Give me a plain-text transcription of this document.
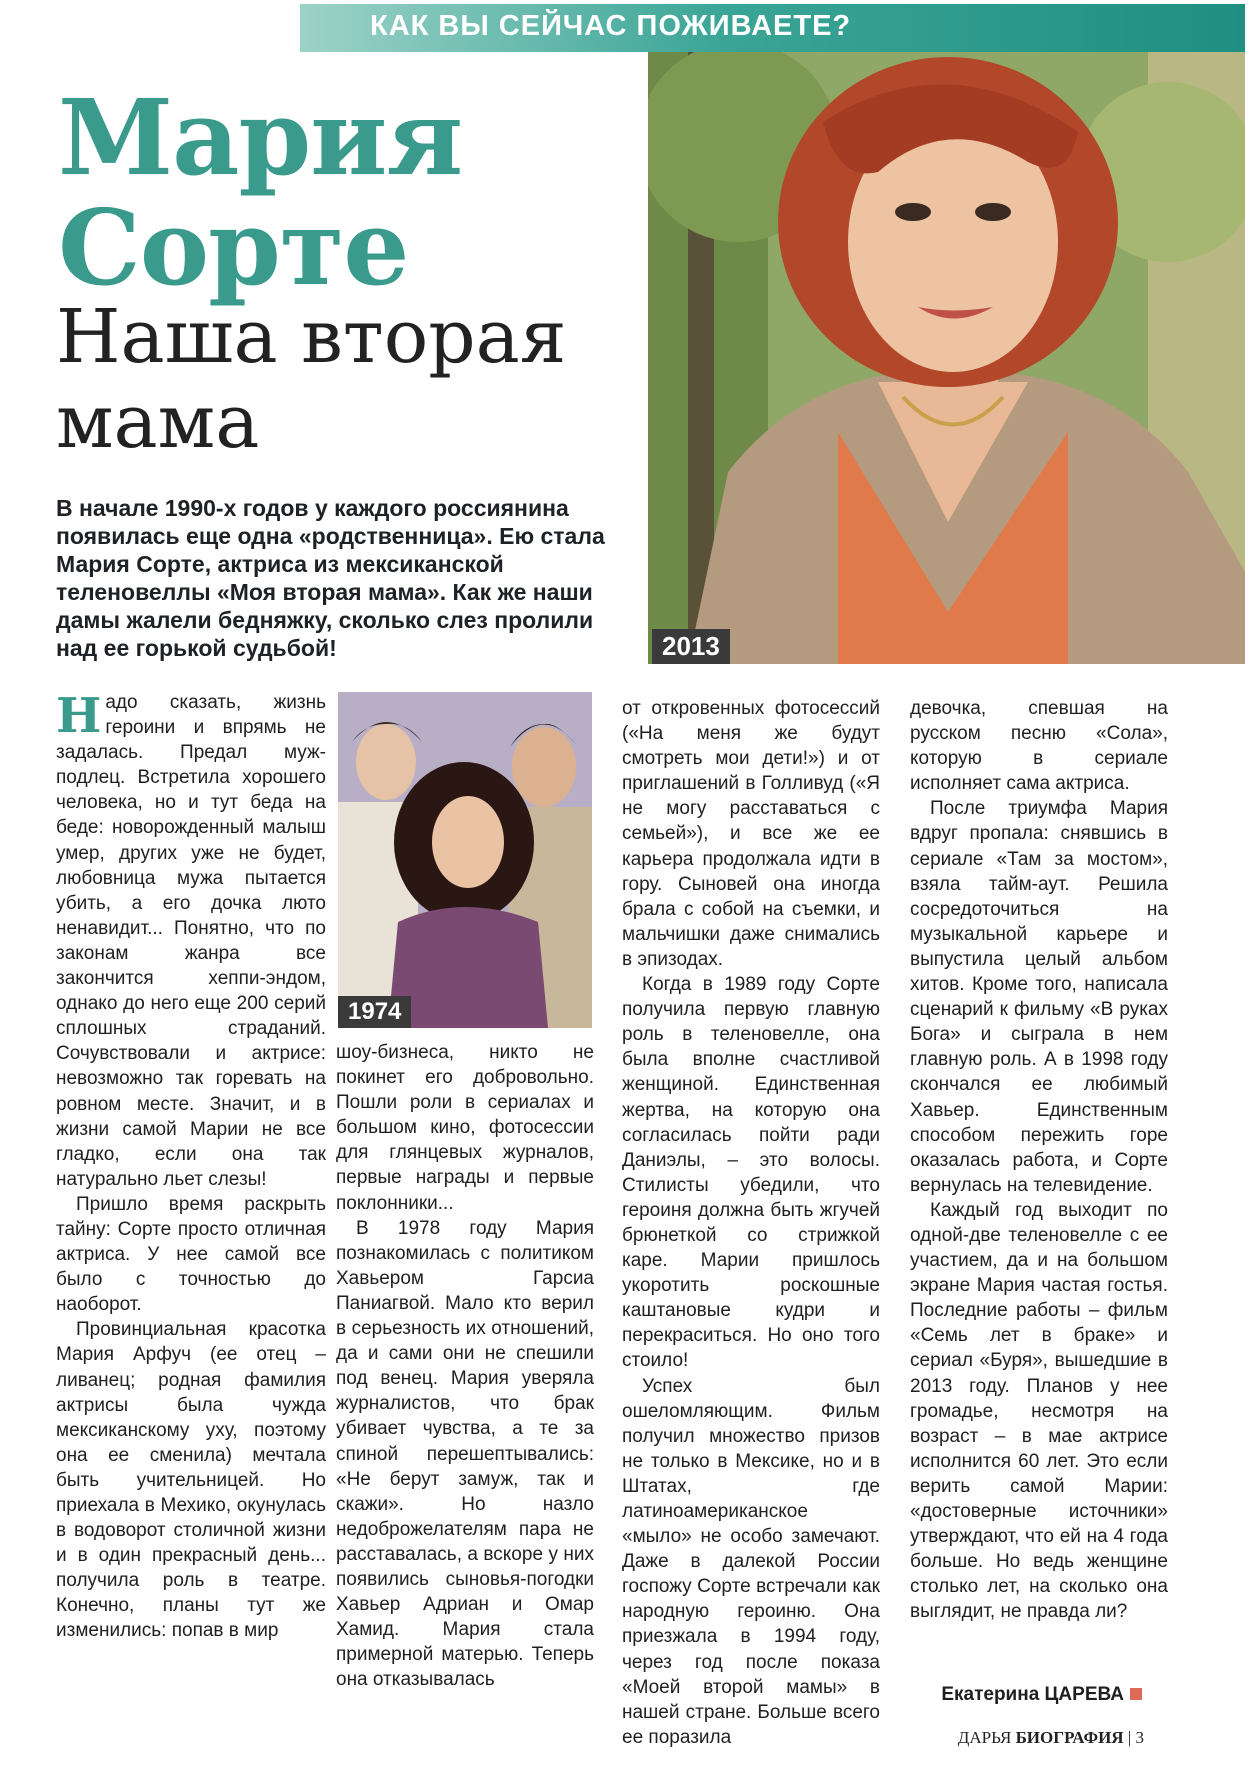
КАК ВЫ СЕЙЧАС ПОЖИВАЕТЕ?
Мария
Сорте
Наша вторая
мама
В начале 1990-х годов у каждого россиянина появилась еще одна «родственница». Ею стала Мария Сорте, актриса из мексиканской теленовеллы «Моя вторая мама». Как же наши дамы жалели бедняжку, сколько слез пролили над ее горькой судьбой!	2013
1974

Надо сказать, жизнь героини и впрямь не задалась. Предал муж-подлец. Встретила хорошего человека, но и тут беда на беде: новорожденный малыш умер, других уже не будет, любовница мужа пытается убить, а его дочка люто ненавидит... Понятно, что по законам жанра все закончится хеппи-эндом, однако до него еще 200 серий сплошных страданий. Сочувствовали и актрисе: невозможно так горевать на ровном месте. Значит, и в жизни самой Марии не все гладко, если она так натурально льет слезы!

Пришло время раскрыть тайну: Сорте просто отличная актриса. У нее самой все было с точностью до наоборот.

Провинциальная красотка Мария Арфуч (ее отец – ливанец; родная фамилия актрисы была чужда мексиканскому уху, поэтому она ее сменила) мечтала быть учительницей. Но приехала в Мехико, окунулась в водоворот столичной жизни и в один прекрасный день... получила роль в театре. Конечно, планы тут же изменились: попав в мир

шоу-бизнеса, никто не покинет его добровольно. Пошли роли в сериалах и большом кино, фотосессии для глянцевых журналов, первые награды и первые поклонники...

В 1978 году Мария познакомилась с политиком Хавьером Гарсиа Паниагвой. Мало кто верил в серьезность их отношений, да и сами они не спешили под венец. Мария уверяла журналистов, что брак убивает чувства, а те за спиной перешептывались: «Не берут замуж, так и скажи». Но назло недоброжелателям пара не расставалась, а вскоре у них появились сыновья-погодки Хавьер Адриан и Омар Хамид. Мария стала примерной матерью. Теперь она отказывалась

от откровенных фотосессий («На меня же будут смотреть мои дети!») и от приглашений в Голливуд («Я не могу расставаться с семьей»), и все же ее карьера продолжала идти в гору. Сыновей она иногда брала с собой на съемки, и мальчишки даже снимались в эпизодах.

Когда в 1989 году Сорте получила первую главную роль в теленовелле, она была вполне счастливой женщиной. Единственная жертва, на которую она согласилась пойти ради Даниэлы, – это волосы. Стилисты убедили, что героиня должна быть жгучей брюнеткой со стрижкой каре. Марии пришлось укоротить роскошные каштановые кудри и перекраситься. Но оно того стоило!

Успех был ошеломляющим. Фильм получил множество призов не только в Мексике, но и в Штатах, где латиноамериканское «мыло» не особо замечают. Даже в далекой России госпожу Сорте встречали как народную героиню. Она приезжала в 1994 году, через год после показа «Моей второй мамы» в нашей стране. Больше всего ее поразила

девочка, спевшая на русском песню «Сола», которую в сериале исполняет сама актриса.

После триумфа Мария вдруг пропала: снявшись в сериале «Там за мостом», взяла тайм-аут. Решила сосредоточиться на музыкальной карьере и выпустила целый альбом хитов. Кроме того, написала сценарий к фильму «В руках Бога» и сыграла в нем главную роль. А в 1998 году скончался ее любимый Хавьер. Единственным способом пережить горе оказалась работа, и Сорте вернулась на телевидение.

Каждый год выходит по одной-две теленовелле с ее участием, да и на большом экране Мария частая гостья. Последние работы – фильм «Семь лет в браке» и сериал «Буря», вышедшие в 2013 году. Планов у нее громадье, несмотря на возраст – в мае актрисе исполнится 60 лет. Это если верить самой Марии: «достоверные источники» утверждают, что ей на 4 года больше. Но ведь женщине столько лет, на сколько она выглядит, не правда ли?

Екатерина ЦАРЕВА
ДАРЬЯ БИОГРАФИЯ | 3
